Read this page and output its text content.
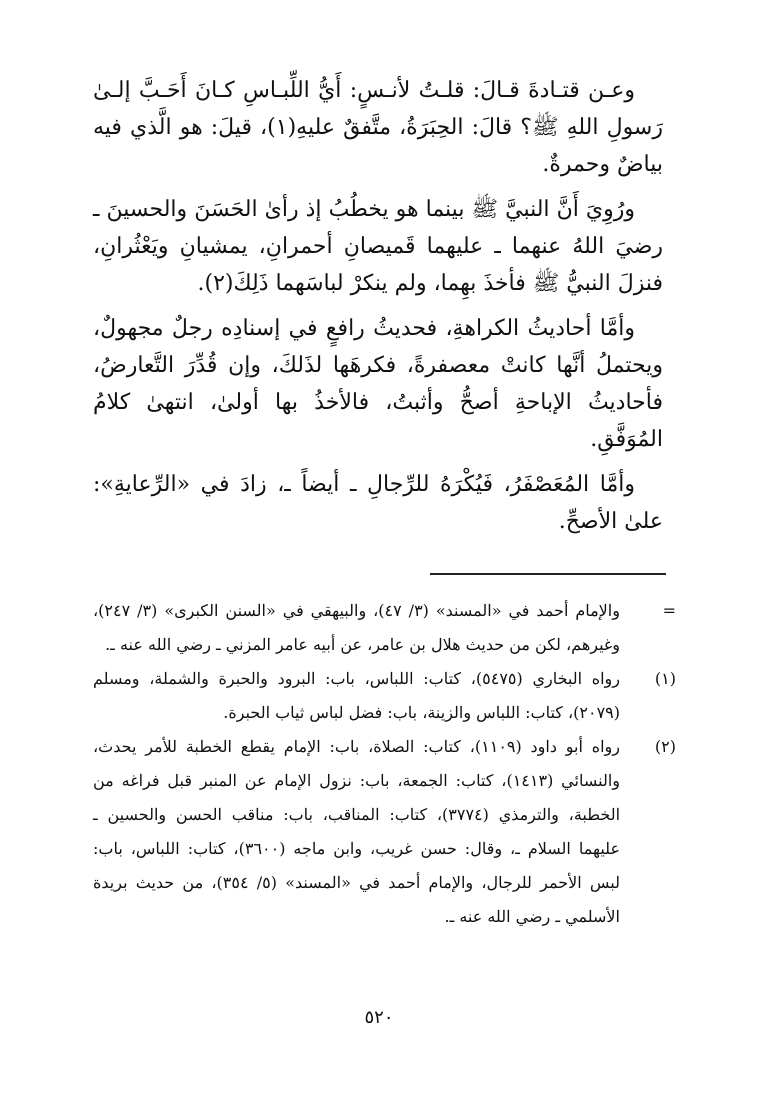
وعـن قتـادةَ قـالَ: قلـتُ لأنـسٍ: أَيُّ اللِّبـاسِ كـانَ أَحَـبَّ إلـىٰ رَسولِ اللهِ ﷺ؟ قالَ: الحِبَرَةُ، متَّفقٌ عليهِ(١)، قيلَ: هو الَّذي فيه بياضٌ وحمرةٌ.

ورُوِيَ أَنَّ النبيَّ ﷺ بينما هو يخطُبُ إذ رأىٰ الحَسَنَ والحسينَ ـ رضيَ اللهُ عنهما ـ عليهما قَميصانِ أحمرانِ، يمشيانِ ويَعْثُرانِ، فنزلَ النبيُّ ﷺ فأخذَ بهِما، ولم ينكرْ لباسَهما ذَلِكَ(٢).

وأمَّا أحاديثُ الكراهةِ، فحديثُ رافعٍ في إسنادِه رجلٌ مجهولٌ، ويحتملُ أنَّها كانتْ معصفرةً، فكرهَها لذَلكَ، وإن قُدِّرَ التَّعارضُ، فأحاديثُ الإباحةِ أصحُّ وأثبتُ، فالأخذُ بها أولىٰ، انتهىٰ كلامُ المُوَفَّقِ.

وأمَّا المُعَصْفَرُ، فَيُكْرَهُ للرِّجالِ ـ أيضاً ـ، زادَ في «الرِّعايةِ»: علىٰ الأصحِّ.

=
والإمام أحمد في «المسند» (٣/ ٤٧)، والبيهقي في «السنن الكبرى» (٣/ ٢٤٧)، وغيرهم، لكن من حديث هلال بن عامر، عن أبيه عامر المزني ـ رضي الله عنه ـ.
(١)
رواه البخاري (٥٤٧٥)، كتاب: اللباس، باب: البرود والحبرة والشملة، ومسلم (٢٠٧٩)، كتاب: اللباس والزينة، باب: فضل لباس ثياب الحبرة.
(٢)
رواه أبو داود (١١٠٩)، كتاب: الصلاة، باب: الإمام يقطع الخطبة للأمر يحدث، والنسائي (١٤١٣)، كتاب: الجمعة، باب: نزول الإمام عن المنبر قبل فراغه من الخطبة، والترمذي (٣٧٧٤)، كتاب: المناقب، باب: مناقب الحسن والحسين ـ عليهما السلام ـ، وقال: حسن غريب، وابن ماجه (٣٦٠٠)، كتاب: اللباس، باب: لبس الأحمر للرجال، والإمام أحمد في «المسند» (٥/ ٣٥٤)، من حديث بريدة الأسلمي ـ رضي الله عنه ـ.
٥٢٠
